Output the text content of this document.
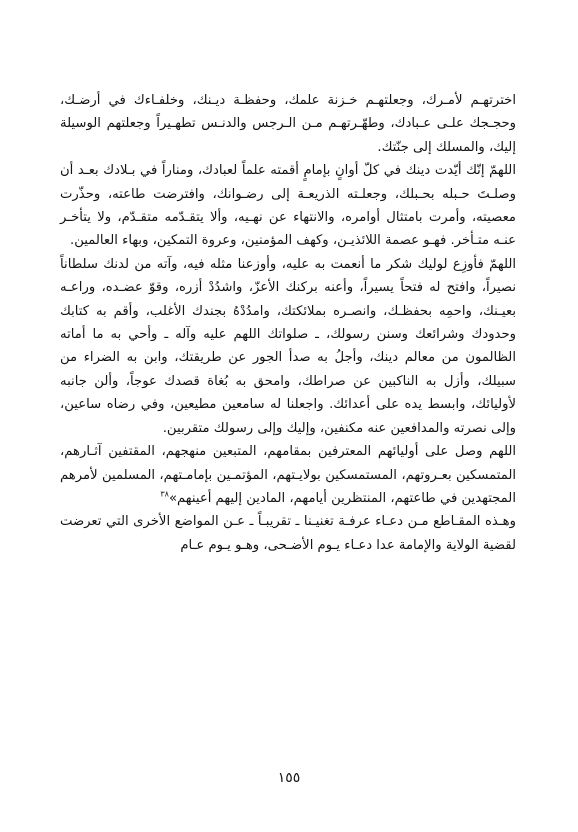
اخترتهـم لأمـرك، وجعلتهـم خـزنة علمك، وحفظـة ديـنك، وخلفـاءك في أرضـك، وحجـجك علـى عـبادك، وطهّـرتهـم مـن الـرجس والدنـس تطهـيراً وجعلتهم الوسيلة إليك، والمسلك إلى جنّتك.

اللهمّ إنّك أيّدت دينك في كلّ أوانٍ بإمامٍ أقمته علماً لعبادك، ومناراً في بـلادك بعـد أن وصلـتَ حـبله بحـبلك، وجعلـته الذريعـة إلى رضـوانك، وافترضت طاعته، وحذّرت معصيته، وأمرت بامتثال أوامره، والانتهاء عن نهـيه، وألا يتقـدّمه متقـدّم، ولا يتأخـر عنـه متـأخر. فهـو عصمة اللائذيـن، وكهف المؤمنين، وعروة التمكين، وبهاء العالمين.

اللهمّ فأوزِع لوليك شكر ما أنعمت به عليه، وأوزعنا مثله فيه، وآته من لدنك سلطاناً نصيراً، وافتح له فتحاً يسيراً، وأعنه بركنك الأعزّ، واشدُدْ أزره، وقوّ عضـده، وراعـه بعيـنك، واحمِه بحفظـك، وانصـره بملائكتك، وامدُدْهُ بجندك الأغلب، وأقم به كتابك وحدودك وشرائعك وسنن رسولك، ـ صلواتك اللهم عليه وآله ـ وأحي به ما أماته الظالمون من معالم دينك، وأجلُ به صدأ الجور عن طريقتك، وابن به الضراء من سبيلك، وأزل به الناكبين عن صراطك، وامحق به بُغاة قصدك عوجاً، وألن جانبه لأوليائك، وابسط يده على أعدائك. واجعلنا له سامعين مطيعين، وفي رضاه ساعين، وإلى نصرته والمدافعين عنه مكنفين، وإليك وإلى رسولك متقربين.

اللهم وصل على أوليائهم المعترفين بمقامهم، المتبعين منهجهم، المقتفين آثـارهم، المتمسكين بعـروتهم، المستمسكين بولايـتهم، المؤتمـين بإمامـتهم، المسلمين لأمرهم المجتهدين في طاعتهم، المنتظرين أيامهم، المادين إليهم أعينهم»$^{٣٨}$

وهـذه المقـاطع مـن دعـاء عرفـة تغنيـنا ـ تقريبـاً ـ عـن المواضع الأخرى التي تعرضت لقضية الولاية والإمامة عدا دعـاء يـوم الأضـحى، وهـو يـوم عـام

١٥٥
